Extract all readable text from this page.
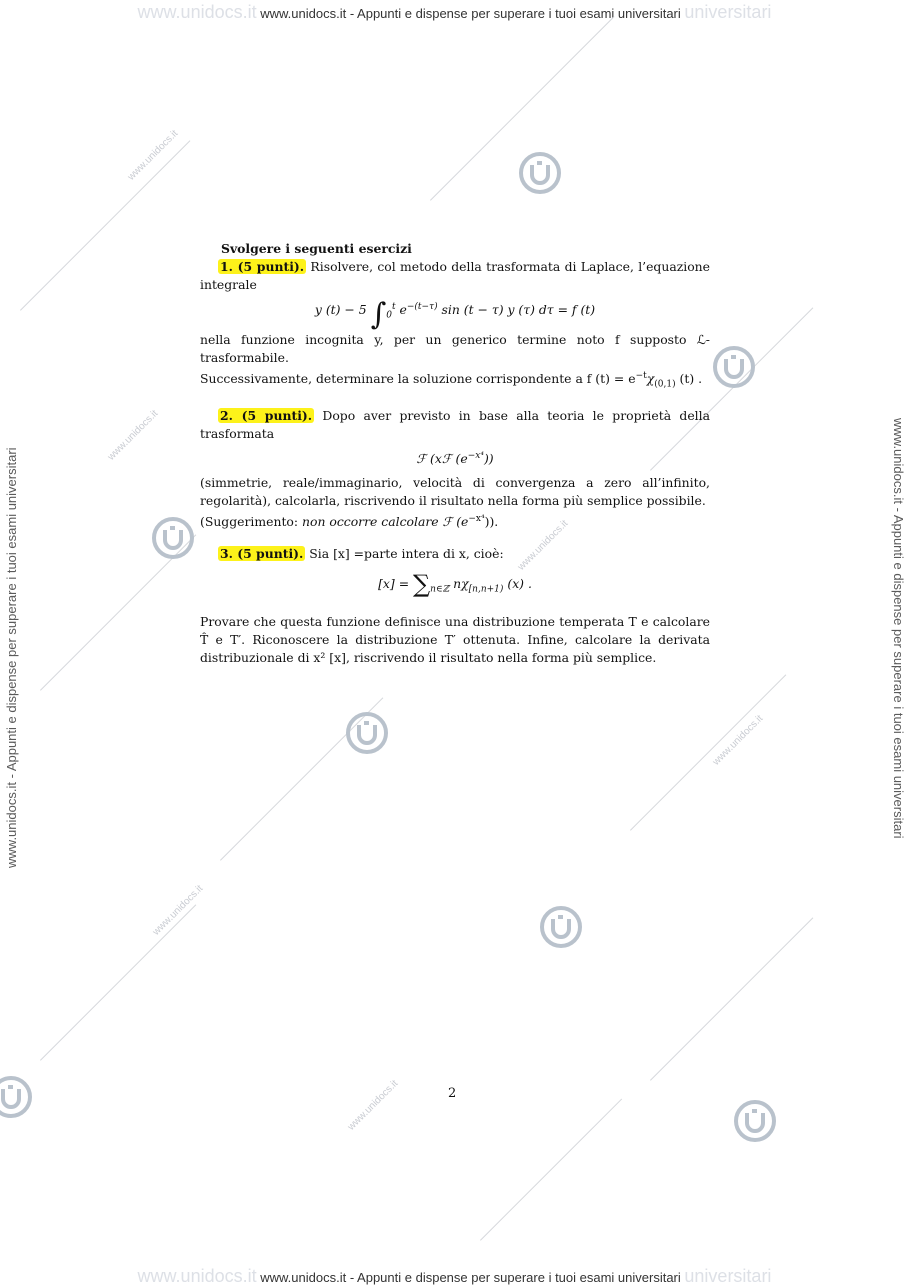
www.unidocs.it www.unidocs.it - Appunti e dispense per superare i tuoi esami universitari universitari
www.unidocs.it www.unidocs.it - Appunti e dispense per superare i tuoi esami universitari universitari
www.unidocs.it - Appunti e dispense per superare i tuoi esami universitari	www.unidocs.it - Appunti e dispense per superare i tuoi esami universitari
www.unidocs.it
www.unidocs.it
www.unidocs.it
www.unidocs.it
www.unidocs.it
www.unidocs.it
Svolgere i seguenti esercizi

1. (5 punti). Risolvere, col metodo della trasformata di Laplace, l’equazione integrale

y (t) − 5 $\int_0^t$ $e^{-(t-\tau)}$ sin (t − τ) y (τ) dτ = f (t)

nella funzione incognita y, per un generico termine noto f supposto ℒ-trasformabile.

Successivamente, determinare la soluzione corrispondente a f $(t) = e^{-t}\chi_{(0,1)}$ (t) .

2. (5 punti). Dopo aver previsto in base alla teoria le proprietà della trasformata

ℱ (xℱ $(e^{-x^4})$)

(simmetrie, reale/immaginario, velocità di convergenza a zero all’infinito, regolarità), calcolarla, riscrivendo il risultato nella forma più semplice possibile.

(Suggerimento: non occorre calcolare ℱ $(e^{-x^4})$).

3. (5 punti). Sia [x] =parte intera di x, cioè:

$[x] = \sum_{n\in ℤ}$ $n\chi_{[n,n+1)}$ (x) .

Provare che questa funzione definisce una distribuzione temperata T e calcolare T̂ e T′. Riconoscere la distribuzione T′ ottenuta. Infine, calcolare la derivata distribuzionale di x² [x], riscrivendo il risultato nella forma più semplice.

2
